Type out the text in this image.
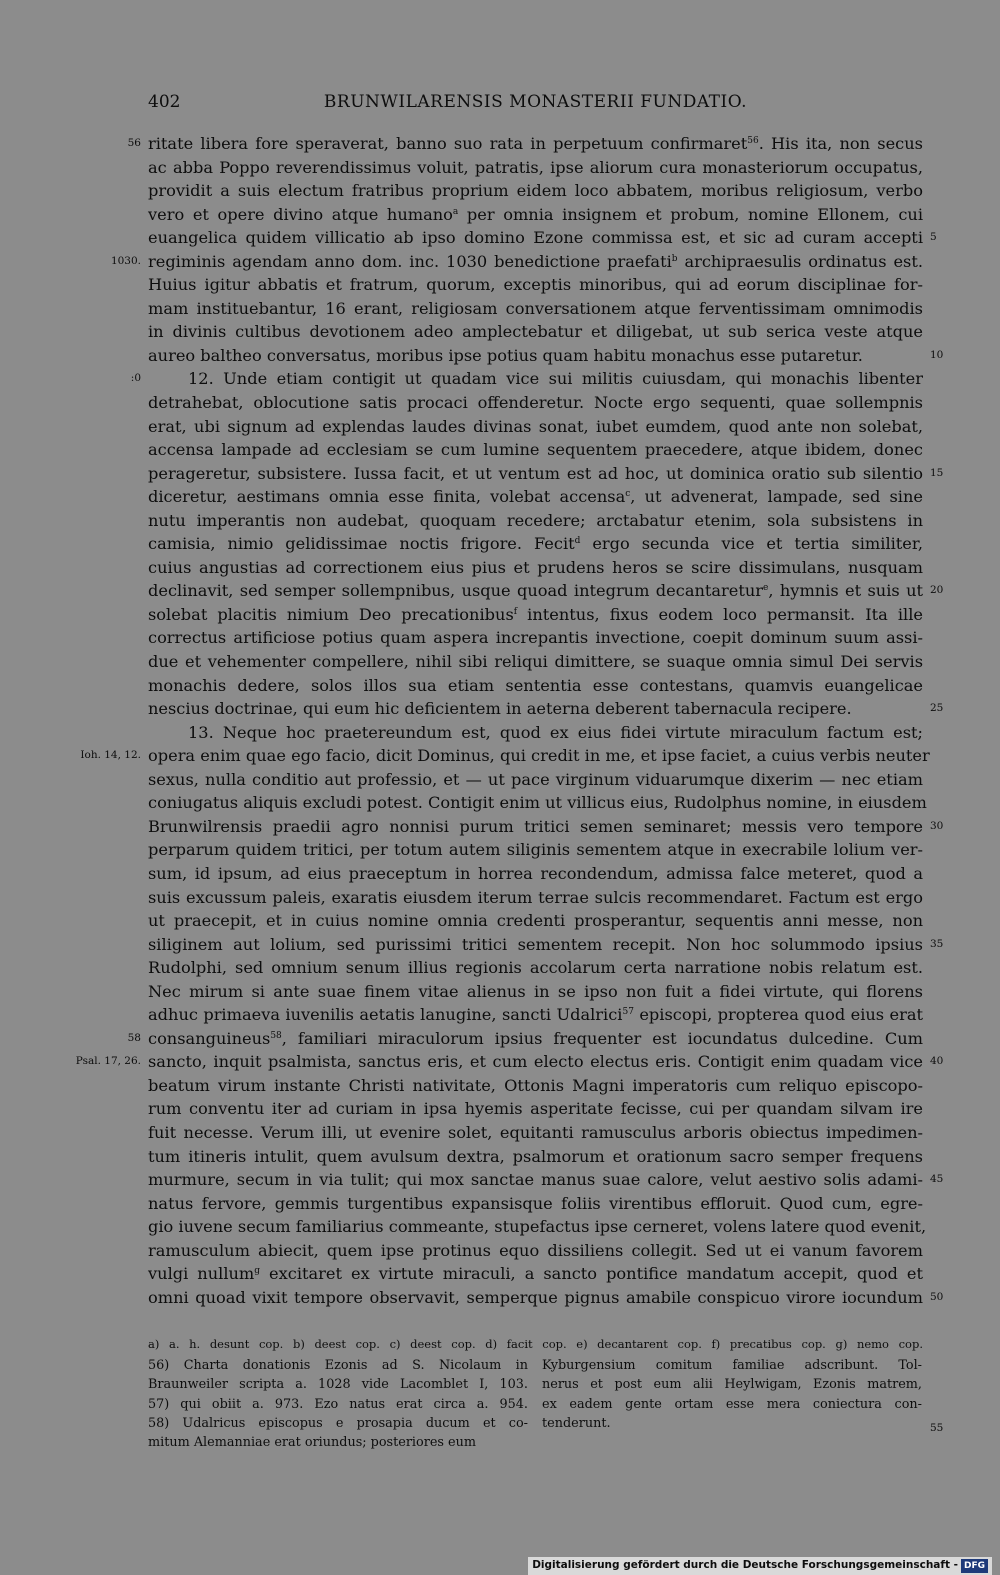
402	BRUNWILARENSIS MONASTERII FUNDATIO.
56 ritate libera fore speraverat, banno suo rata in perpetuum confirmaret$^{56}$. His ita, non secus
ac abba Poppo reverendissimus voluit, patratis, ipse aliorum cura monasteriorum occupatus,
providit a suis electum fratribus proprium eidem loco abbatem, moribus religiosum, verbo
vero et opere divino atque humano$^a$ per omnia insignem et probum, nomine Ellonem, cui
euangelica quidem villicatio ab ipso domino Ezone commissa est, et sic ad curam accepti 5
1030. regiminis agendam anno dom. inc. 1030 benedictione praefati$^b$ archipraesulis ordinatus est.
Huius igitur abbatis et fratrum, quorum, exceptis minoribus, qui ad eorum disciplinae for-
mam instituebantur, 16 erant, religiosam conversationem atque ferventissimam omnimodis
in divinis cultibus devotionem adeo amplectebatur et diligebat, ut sub serica veste atque
aureo baltheo conversatus, moribus ipse potius quam habitu monachus esse putaretur.	10
:0	12. Unde etiam contigit ut quadam vice sui militis cuiusdam, qui monachis libenter
detrahebat, oblocutione satis procaci offenderetur. Nocte ergo sequenti, quae sollempnis
erat, ubi signum ad explendas laudes divinas sonat, iubet eumdem, quod ante non solebat,
accensa lampade ad ecclesiam se cum lumine sequentem praecedere, atque ibidem, donec
perageretur, subsistere. Iussa facit, et ut ventum est ad hoc, ut dominica oratio sub silentio 15
diceretur, aestimans omnia esse finita, volebat accensa$^c$, ut advenerat, lampade, sed sine
nutu imperantis non audebat, quoquam recedere; arctabatur etenim, sola subsistens in
camisia, nimio gelidissimae noctis frigore. Fecit$^d$ ergo secunda vice et tertia similiter,
cuius angustias ad correctionem eius pius et prudens heros se scire dissimulans, nusquam
declinavit, sed semper sollempnibus, usque quoad integrum decantaretur$^e$, hymnis et suis ut 20
solebat placitis nimium Deo precationibus$^f$ intentus, fixus eodem loco permansit. Ita ille
correctus artificiose potius quam aspera increpantis invectione, coepit dominum suum assi-
due et vehementer compellere, nihil sibi reliqui dimittere, se suaque omnia simul Dei servis
monachis dedere, solos illos sua etiam sententia esse contestans, quamvis euangelicae
nescius doctrinae, qui eum hic deficientem in aeterna deberent tabernacula recipere.	25
13. Neque hoc praetereundum est, quod ex eius fidei virtute miraculum factum est;
Ioh. 14, 12. opera enim quae ego facio, dicit Dominus, qui credit in me, et ipse faciet, a cuius verbis neuter
sexus, nulla conditio aut professio, et — ut pace virginum viduarumque dixerim — nec etiam
coniugatus aliquis excludi potest. Contigit enim ut villicus eius, Rudolphus nomine, in eiusdem
Brunwilrensis praedii agro nonnisi purum tritici semen seminaret; messis vero tempore 30
perparum quidem tritici, per totum autem siliginis sementem atque in execrabile lolium ver-
sum, id ipsum, ad eius praeceptum in horrea recondendum, admissa falce meteret, quod a
suis excussum paleis, exaratis eiusdem iterum terrae sulcis recommendaret. Factum est ergo
ut praecepit, et in cuius nomine omnia credenti prosperantur, sequentis anni messe, non
siliginem aut lolium, sed purissimi tritici sementem recepit. Non hoc solummodo ipsius 35
Rudolphi, sed omnium senum illius regionis accolarum certa narratione nobis relatum est.
Nec mirum si ante suae finem vitae alienus in se ipso non fuit a fidei virtute, qui florens
adhuc primaeva iuvenilis aetatis lanugine, sancti Udalrici$^{57}$ episcopi, propterea quod eius erat
58 consanguineus$^{58}$, familiari miraculorum ipsius frequenter est iocundatus dulcedine. Cum
Psal. 17, 26. sancto, inquit psalmista, sanctus eris, et cum electo electus eris. Contigit enim quadam vice 40
beatum virum instante Christi nativitate, Ottonis Magni imperatoris cum reliquo episcopo-
rum conventu iter ad curiam in ipsa hyemis asperitate fecisse, cui per quandam silvam ire
fuit necesse. Verum illi, ut evenire solet, equitanti ramusculus arboris obiectus impedimen-
tum itineris intulit, quem avulsum dextra, psalmorum et orationum sacro semper frequens
murmure, secum in via tulit; qui mox sanctae manus suae calore, velut aestivo solis adami- 45
natus fervore, gemmis turgentibus expansisque foliis virentibus effloruit. Quod cum, egre-
gio iuvene secum familiarius commeante, stupefactus ipse cerneret, volens latere quod evenit,
ramusculum abiecit, quem ipse protinus equo dissiliens collegit. Sed ut ei vanum favorem
vulgi nullum$^g$ excitaret ex virtute miraculi, a sancto pontifice mandatum accepit, quod et
omni quoad vixit tempore observavit, semperque pignus amabile conspicuo virore iocundum 50
a) a. h. desunt cop. b) deest cop. c) deest cop. d) facit cop. e) decantarent cop. f) precatibus cop. g) nemo cop.
56) Charta donationis Ezonis ad S. Nicolaum in
Braunweiler scripta a. 1028 vide Lacomblet I, 103.
57) qui obiit a. 973. Ezo natus erat circa a. 954.
58) Udalricus episcopus e prosapia ducum et co-
mitum Alemanniae erat oriundus; posteriores eum
Kyburgensium comitum familiae adscribunt. Tol-
nerus et post eum alii Heylwigam, Ezonis matrem,
ex eadem gente ortam esse mera coniectura con-
tenderunt.	55
Digitalisierung gefördert durch die Deutsche Forschungsgemeinschaft - DFG
